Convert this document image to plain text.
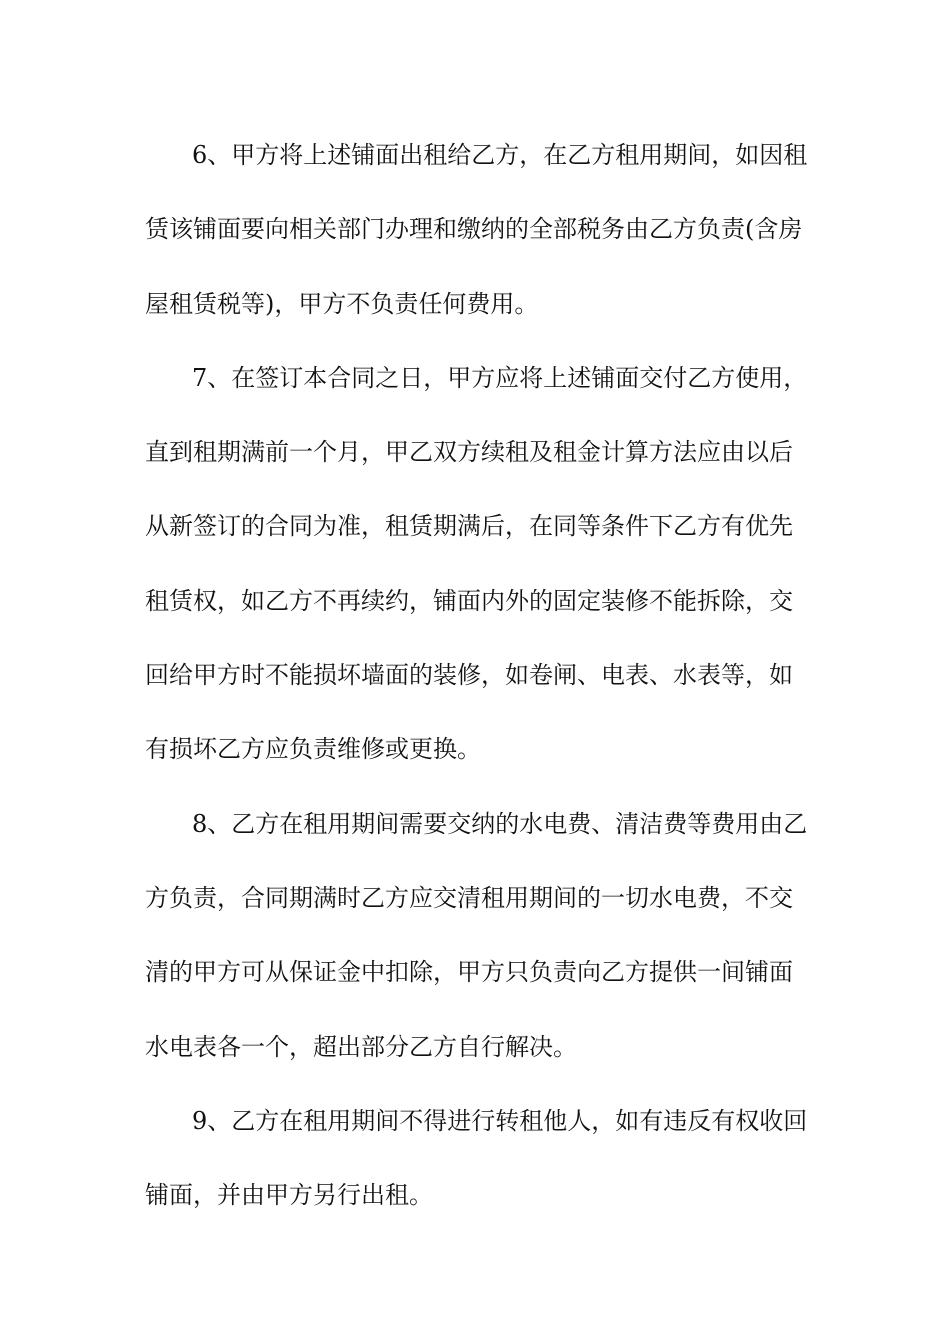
6、甲方将上述铺面出租给乙方，在乙方租用期间，如因租
赁该铺面要向相关部门办理和缴纳的全部税务由乙方负责(含房
屋租赁税等)，甲方不负责任何费用。
7、在签订本合同之日，甲方应将上述铺面交付乙方使用，
直到租期满前一个月，甲乙双方续租及租金计算方法应由以后
从新签订的合同为准，租赁期满后，在同等条件下乙方有优先
租赁权，如乙方不再续约，铺面内外的固定装修不能拆除，交
回给甲方时不能损坏墙面的装修，如卷闸、电表、水表等，如
有损坏乙方应负责维修或更换。
8、乙方在租用期间需要交纳的水电费、清洁费等费用由乙
方负责，合同期满时乙方应交清租用期间的一切水电费，不交
清的甲方可从保证金中扣除，甲方只负责向乙方提供一间铺面
水电表各一个，超出部分乙方自行解决。
9、乙方在租用期间不得进行转租他人，如有违反有权收回
铺面，并由甲方另行出租。
